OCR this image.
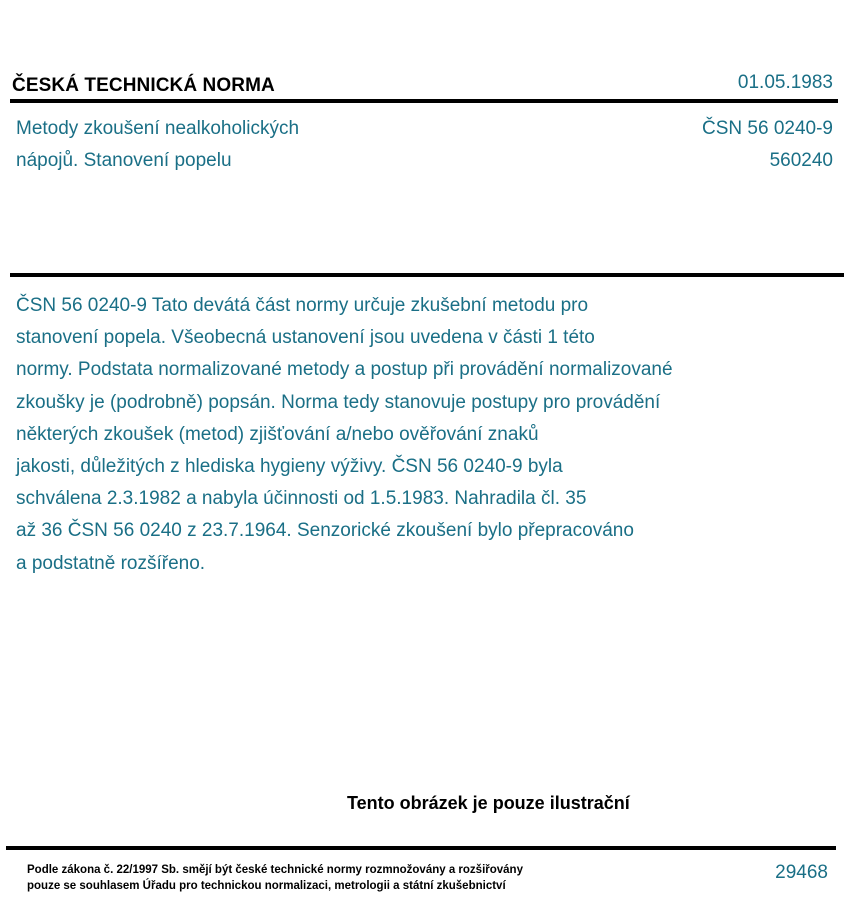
ČESKÁ TECHNICKÁ NORMA	01.05.1983
Metody zkoušení nealkoholických
nápojů. Stanovení popelu
ČSN 56 0240-9
560240
ČSN 56 0240-9 Tato devátá část normy určuje zkušební metodu pro
stanovení popela. Všeobecná ustanovení jsou uvedena v části 1 této
normy. Podstata normalizované metody a postup při provádění normalizované
zkoušky je (podrobně) popsán. Norma tedy stanovuje postupy pro provádění
některých zkoušek (metod) zjišťování a/nebo ověřování znaků
jakosti, důležitých z hlediska hygieny výživy. ČSN 56 0240-9 byla
schválena 2.3.1982 a nabyla účinnosti od 1.5.1983. Nahradila čl. 35
až 36 ČSN 56 0240 z 23.7.1964. Senzorické zkoušení bylo přepracováno
a podstatně rozšířeno.
Tento obrázek je pouze ilustrační
Podle zákona č. 22/1997 Sb. smějí být české technické normy rozmnožovány a rozšiřovány
pouze se souhlasem Úřadu pro technickou normalizaci, metrologii a státní zkušebnictví
29468
